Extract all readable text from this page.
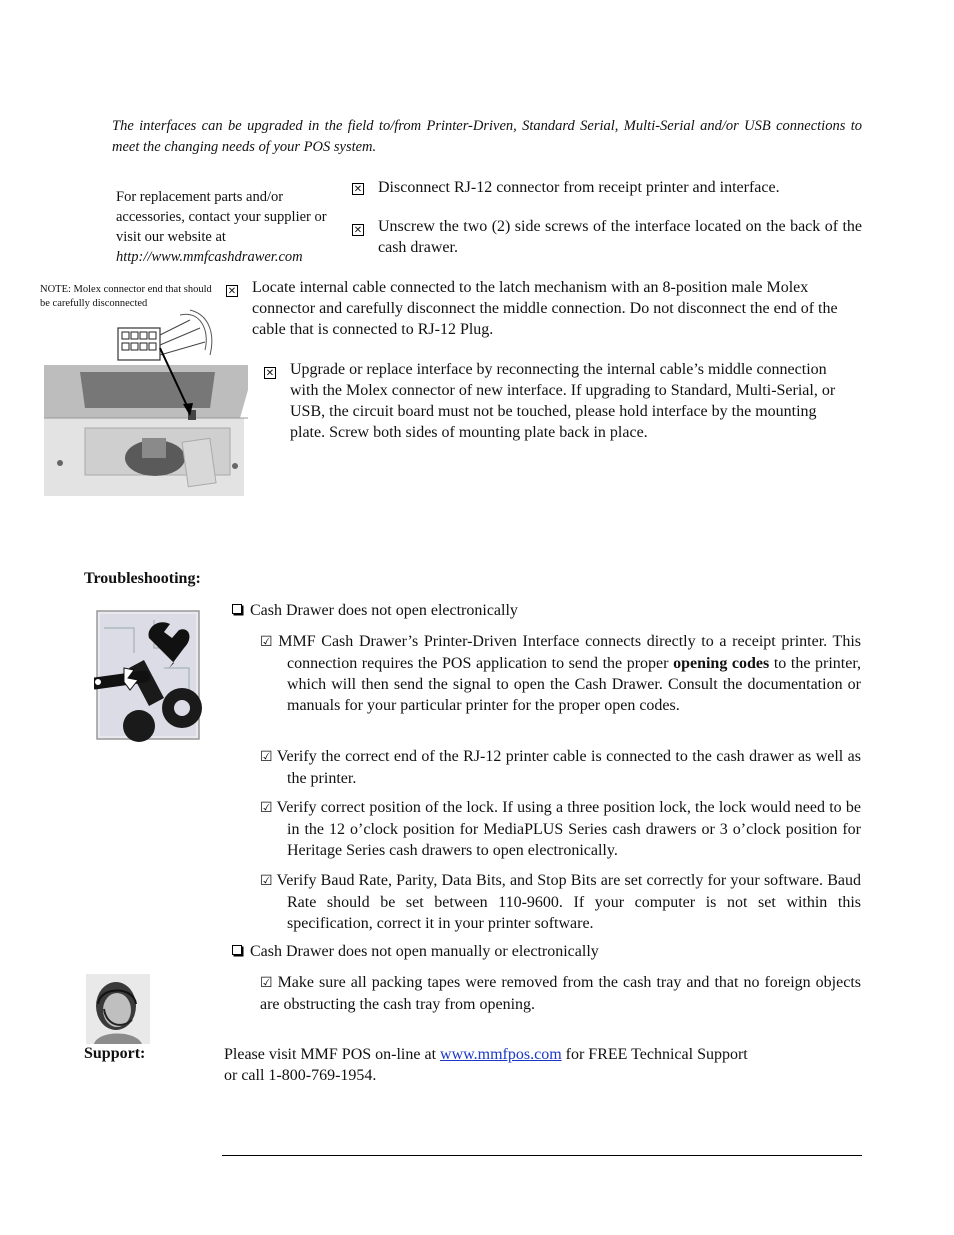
The interfaces can be upgraded in the field to/from Printer-Driven, Standard Serial, Multi-Serial and/or USB connections to meet the changing needs of your POS system.
For replacement parts and/or accessories, contact your supplier or visit our website at
http://www.mmfcashdrawer.com
✕ Disconnect RJ-12 connector from receipt printer and interface.
✕ Unscrew the two (2) side screws of the interface located on the back of the cash drawer.
✕ Locate internal cable connected to the latch mechanism with an 8-position male Molex connector and carefully disconnect the middle connection. Do not disconnect the end of the cable that is connected to RJ-12 Plug.
✕ Upgrade or replace interface by reconnecting the internal cable’s middle connection with the Molex connector of new interface. If upgrading to Standard, Multi-Serial, or USB, the circuit board must not be touched, please hold interface by the mounting plate. Screw both sides of mounting plate back in place.
NOTE: Molex connector end that should be carefully disconnected
Troubleshooting:
Cash Drawer does not open electronically
☑ MMF Cash Drawer’s Printer-Driven Interface connects directly to a receipt printer. This connection requires the POS application to send the proper opening codes to the printer, which will then send the signal to open the Cash Drawer. Consult the documentation or manuals for your particular printer for the proper open codes.
☑ Verify the correct end of the RJ-12 printer cable is connected to the cash drawer as well as the printer.
☑ Verify correct position of the lock. If using a three position lock, the lock would need to be in the 12 o’clock position for MediaPLUS Series cash drawers or 3 o’clock position for Heritage Series cash drawers to open electronically.
☑ Verify Baud Rate, Parity, Data Bits, and Stop Bits are set correctly for your software. Baud Rate should be set between 110-9600. If your computer is not set within this specification, correct it in your printer software.
Cash Drawer does not open manually or electronically
☑ Make sure all packing tapes were removed from the cash tray and that no foreign objects are obstructing the cash tray from opening.
Support:	Please visit MMF POS on-line at www.mmfpos.com for FREE Technical Support
or call 1-800-769-1954.
